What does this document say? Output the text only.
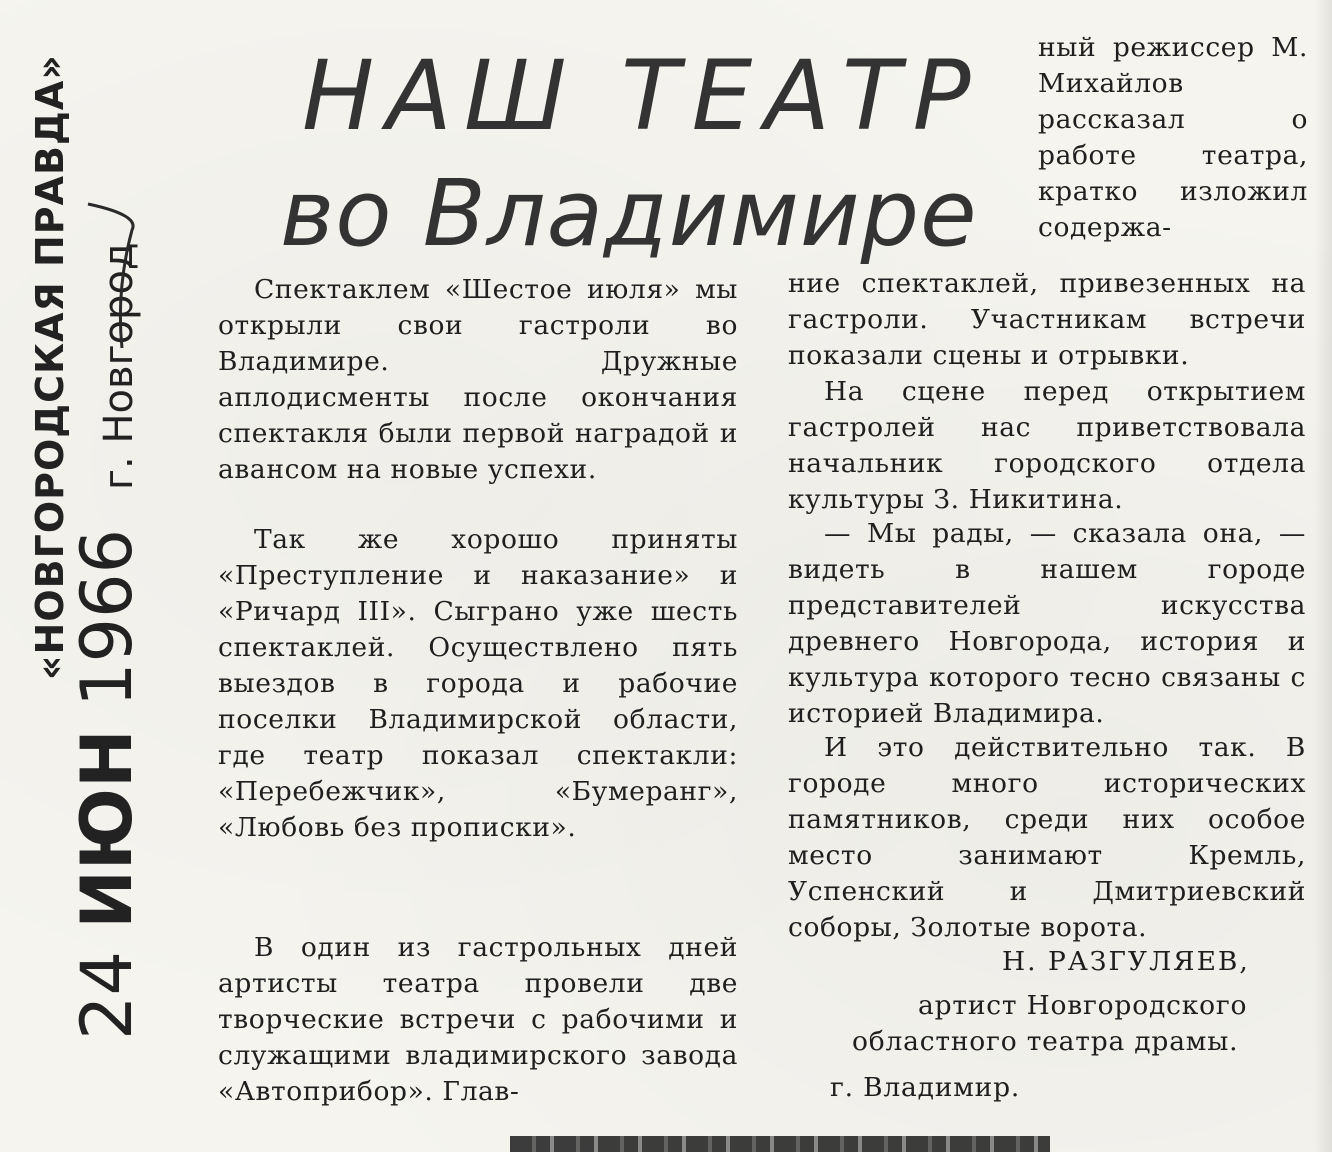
«НОВГОРОДСКАЯ ПРАВДА»
24 ИЮН 1966
г. Новгород
НАШ ТЕАТР
во Владимире

ный режиссер М. Михайлов рассказал о работе театра, кратко изложил содержа-

Спектаклем «Шестое июля» мы открыли свои гастроли во Владимире. Дружные аплодисменты после окончания спектакля были первой наградой и авансом на новые успехи.

Так же хорошо приняты «Преступление и наказание» и «Ричард III». Сыграно уже шесть спектаклей. Осуществлено пять выездов в города и рабочие поселки Владимирской области, где театр показал спектакли: «Перебежчик», «Бумеранг», «Любовь без прописки».

В один из гастрольных дней артисты театра провели две творческие встречи с рабочими и служащими владимирского завода «Автоприбор». Глав-

ние спектаклей, привезенных на гастроли. Участникам встречи показали сцены и отрывки.

На сцене перед открытием гастролей нас приветствовала начальник городского отдела культуры З. Никитина.

— Мы рады, — сказала она, — видеть в нашем городе представителей искусства древнего Новгорода, история и культура которого тесно связаны с историей Владимира.

И это действительно так. В городе много исторических памятников, среди них особое место занимают Кремль, Успенский и Дмитриевский соборы, Золотые ворота.

Н. РАЗГУЛЯЕВ,
артист Новгородского
областного театра драмы.
г. Владимир.
